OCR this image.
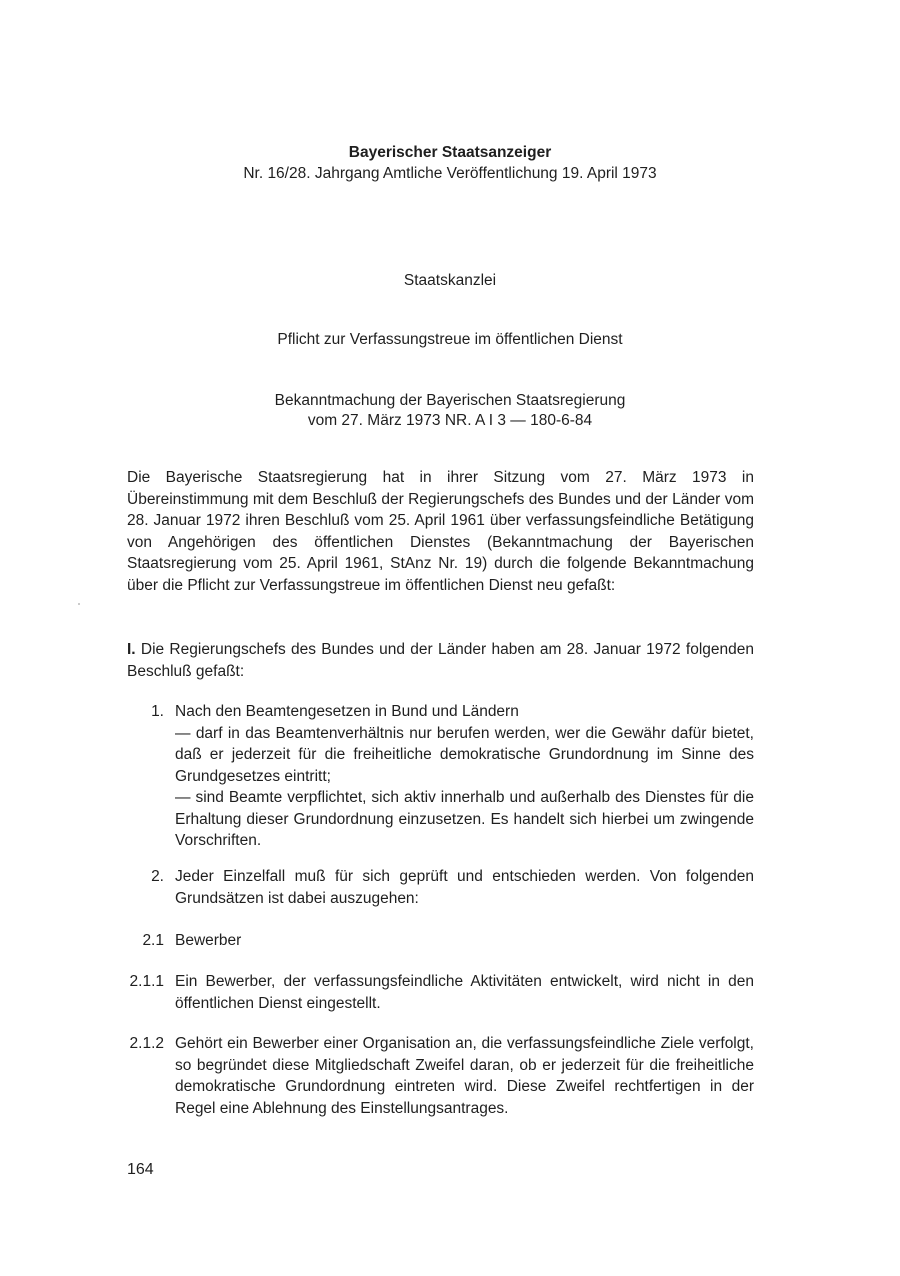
Bayerischer Staatsanzeiger
Nr. 16/28. Jahrgang Amtliche Veröffentlichung 19. April 1973
Staatskanzlei
Pflicht zur Verfassungstreue im öffentlichen Dienst
Bekanntmachung der Bayerischen Staatsregierung
vom 27. März 1973 NR. A I 3 — 180-6-84
Die Bayerische Staatsregierung hat in ihrer Sitzung vom 27. März 1973 in Übereinstimmung mit dem Beschluß der Regierungschefs des Bundes und der Länder vom 28. Januar 1972 ihren Beschluß vom 25. April 1961 über verfassungsfeindliche Betätigung von Angehörigen des öffentlichen Dienstes (Bekanntmachung der Bayerischen Staatsregierung vom 25. April 1961, StAnz Nr. 19) durch die folgende Bekanntmachung über die Pflicht zur Verfassungstreue im öffentlichen Dienst neu gefaßt:
I. Die Regierungschefs des Bundes und der Länder haben am 28. Januar 1972 folgenden Beschluß gefaßt:
1. Nach den Beamtengesetzen in Bund und Ländern
— darf in das Beamtenverhältnis nur berufen werden, wer die Gewähr dafür bietet, daß er jederzeit für die freiheitliche demokratische Grundordnung im Sinne des Grundgesetzes eintritt;
— sind Beamte verpflichtet, sich aktiv innerhalb und außerhalb des Dienstes für die Erhaltung dieser Grundordnung einzusetzen. Es handelt sich hierbei um zwingende Vorschriften.
2. Jeder Einzelfall muß für sich geprüft und entschieden werden. Von folgenden Grundsätzen ist dabei auszugehen:
2.1 Bewerber
2.1.1 Ein Bewerber, der verfassungsfeindliche Aktivitäten entwickelt, wird nicht in den öffentlichen Dienst eingestellt.
2.1.2 Gehört ein Bewerber einer Organisation an, die verfassungsfeindliche Ziele verfolgt, so begründet diese Mitgliedschaft Zweifel daran, ob er jederzeit für die freiheitliche demokratische Grundordnung eintreten wird. Diese Zweifel rechtfertigen in der Regel eine Ablehnung des Einstellungsantrages.
164
